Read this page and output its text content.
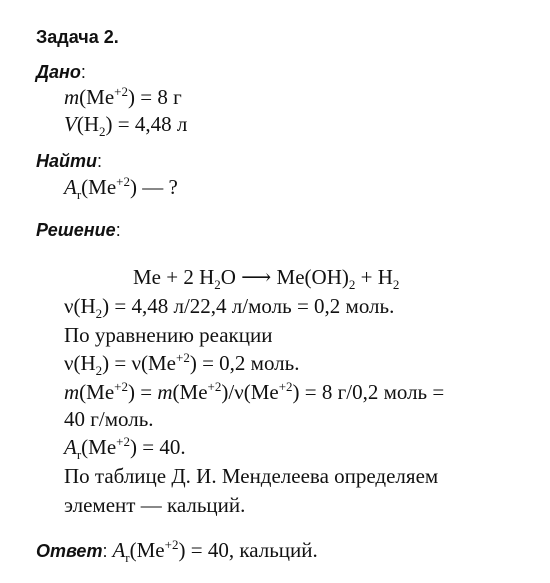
Задача 2.
Дано:
$m(Me^{+2}) = 8$ г
$V(H_2) = 4,48$ л
Найти:
$A_r(Me^{+2})$ — ?
Решение:
Me + 2 $H_2O$ ⟶ $Me(OH)_2 + H_2$
$\nu(H_2) = 4,48$ л/22,4 л/моль = 0,2 моль.
По уравнению реакции
$\nu(H_2) = \nu(Me^{+2}) = 0,2$ моль.
$m(Me^{+2}) = m(Me^{+2})/\nu(Me^{+2}) = 8$ г/0,2 моль =
40 г/моль.
$A_r(Me^{+2}) = 40$.
По таблице Д. И. Менделеева определяем
элемент — кальций.
Ответ: $A_r(Me^{+2}) = 40$, кальций.
